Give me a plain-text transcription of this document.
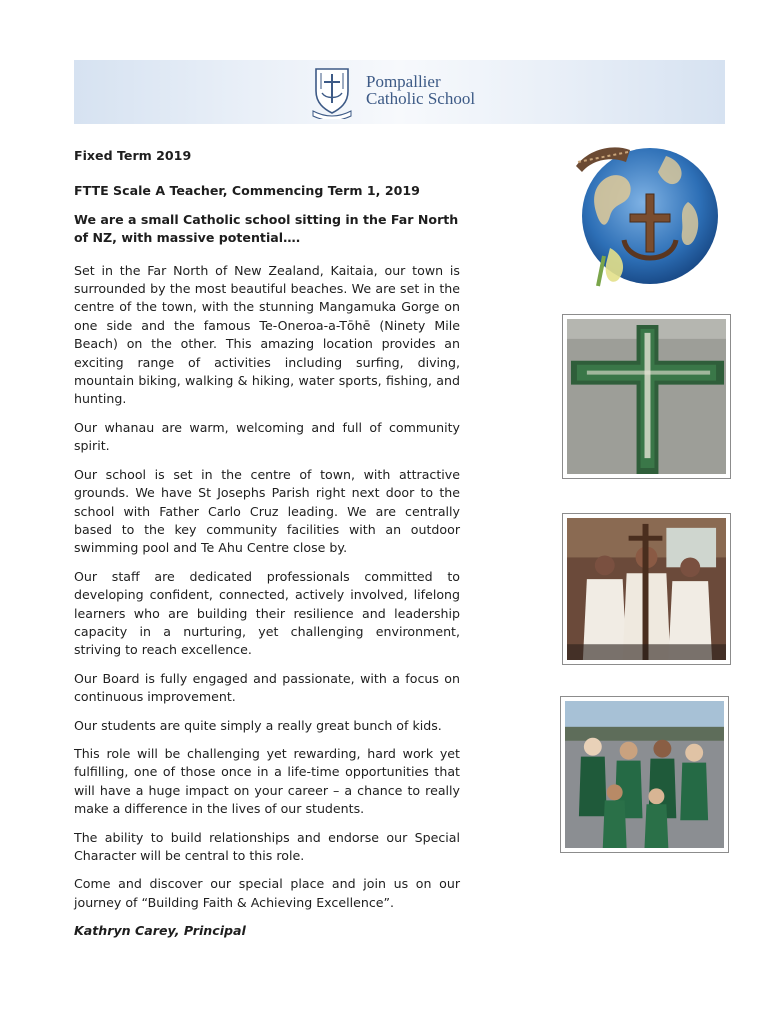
Pompallier
Catholic School
Fixed Term 2019
FTTE Scale A Teacher, Commencing Term 1, 2019
We are a small Catholic school sitting in the Far North of NZ, with massive potential….

Set in the Far North of New Zealand, Kaitaia, our town is surrounded by the most beautiful beaches. We are set in the centre of the town, with the stunning Mangamuka Gorge on one side and the famous Te-Oneroa-a-Tōhē (Ninety Mile Beach) on the other. This amazing location provides an exciting range of activities including surfing, diving, mountain biking, walking & hiking, water sports, fishing, and hunting.

Our whanau are warm, welcoming and full of community spirit.

Our school is set in the centre of town, with attractive grounds. We have St Josephs Parish right next door to the school with Father Carlo Cruz leading. We are centrally based to the key community facilities with an outdoor swimming pool and Te Ahu Centre close by.

Our staff are dedicated professionals committed to developing confident, connected, actively involved, lifelong learners who are building their resilience and leadership capacity in a nurturing, yet challenging environment, striving to reach excellence.

Our Board is fully engaged and passionate, with a focus on continuous improvement.

Our students are quite simply a really great bunch of kids.

This role will be challenging yet rewarding, hard work yet fulfilling, one of those once in a life-time opportunities that will have a huge impact on your career – a chance to really make a difference in the lives of our students.

The ability to build relationships and endorse our Special Character will be central to this role.

Come and discover our special place and join us on our journey of “Building Faith & Achieving Excellence”.

Kathryn Carey, Principal
